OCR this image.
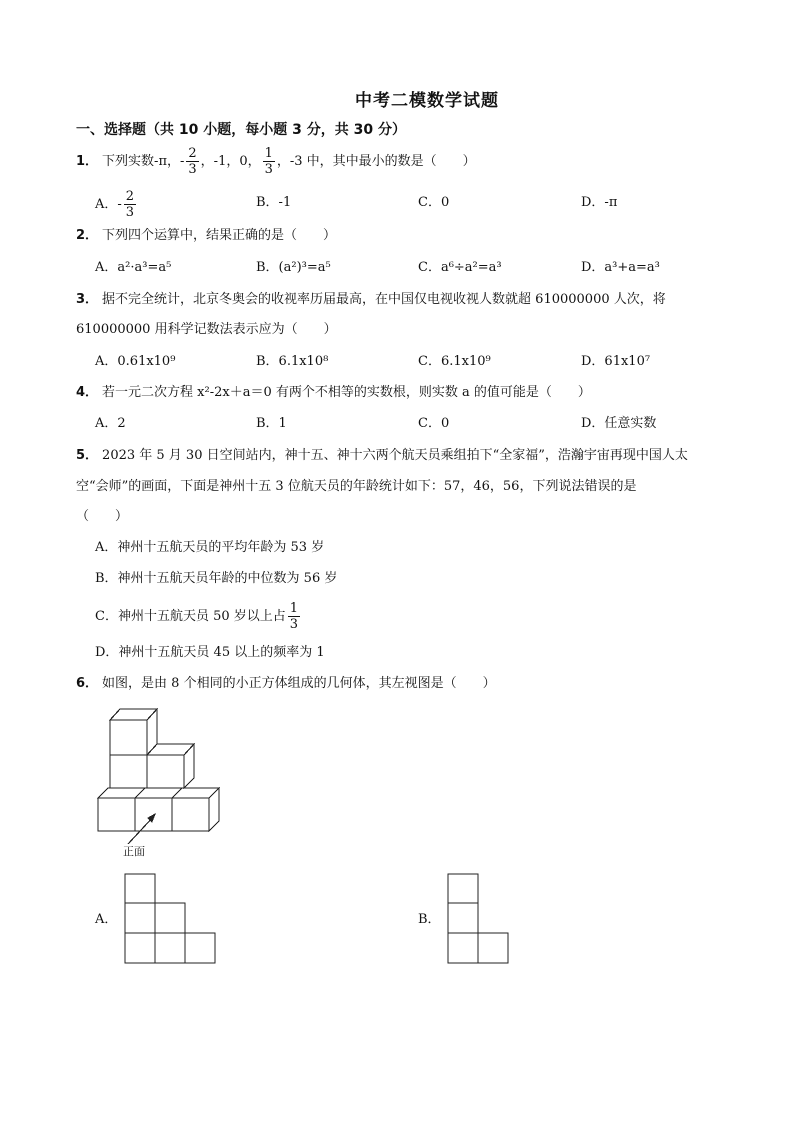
中考二模数学试题
一、选择题（共 10 小题，每小题 3 分，共 30 分）
1． 下列实数-π，- $\frac{2}{3}$ ，-1，0， $\frac{1}{3}$ ，-3 中，其中最小的数是（　　）
A．- $\frac{2}{3}$	B．-1	C．0	D．-π
2． 下列四个运算中，结果正确的是（　　）
A．a²·a³=a⁵	B．(a²)³=a⁵	C．a⁶÷a²=a³	D．a³+a=a³
3． 据不完全统计，北京冬奥会的收视率历届最高，在中国仅电视收视人数就超 610000000 人次，将
610000000 用科学记数法表示应为（　　）
A．0.61x10⁹	B．6.1x10⁸	C．6.1x10⁹	D．61x10⁷
4． 若一元二次方程 x²-2x＋a＝0 有两个不相等的实数根，则实数 a 的值可能是（　　）
A．2	B．1	C．0	D．任意实数
5． 2023 年 5 月 30 日空间站内，神十五、神十六两个航天员乘组拍下“全家福”，浩瀚宇宙再现中国人太
空“会师”的画面，下面是神州十五 3 位航天员的年龄统计如下：57，46，56，下列说法错误的是
（　　）
A．神州十五航天员的平均年龄为 53 岁
B．神州十五航天员年龄的中位数为 56 岁
C．神州十五航天员 50 岁以上占 $\frac{1}{3}$
D．神州十五航天员 45 以上的频率为 1
6． 如图，是由 8 个相同的小正方体组成的几何体，其左视图是（　　）
正面
A．	B．
